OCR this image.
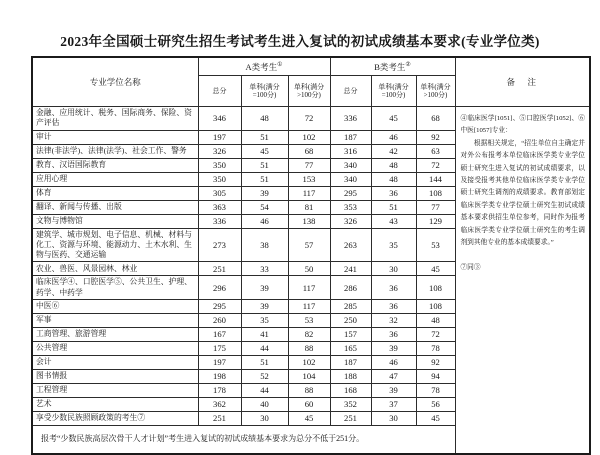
2023年全国硕士研究生招生考试考生进入复试的初试成绩基本要求(专业学位类)
专业学位名称	A类考生①			B类考生②			备　注
	总分	单科(满分=100分)	单科(满分>100分)	总分	单科(满分=100分)	单科(满分>100分)	
金融、应用统计、税务、国际商务、保险、资产评估	346	48	72	336	45	68	④临床医学[1051]、⑤口腔医学[1052]、⑥中医[1057]专业：

根据相关规定，“招生单位自主确定并对外公布报考本单位临床医学类专业学位硕士研究生进入复试的初试成绩要求，以及接受报考其他单位临床医学类专业学位硕士研究生调剂的成绩要求。教育部划定临床医学类专业学位硕士研究生初试成绩基本要求供招生单位参考，同时作为报考临床医学类专业学位硕士研究生的考生调剂到其他专业的基本成绩要求。”

⑦同③

审计	197	51	102	187	46	92	
法律(非法学)、法律(法学)、社会工作、警务	326	45	68	316	42	63	
教育、汉语国际教育	350	51	77	340	48	72	
应用心理	350	51	153	340	48	144	
体育	305	39	117	295	36	108	
翻译、新闻与传播、出版	363	54	81	353	51	77	
文物与博物馆	336	46	138	326	43	129	
建筑学、城市规划、电子信息、机械、材料与化工、资源与环境、能源动力、土木水利、生物与医药、交通运输	273	38	57	263	35	53	
农业、兽医、风景园林、林业	251	33	50	241	30	45	
临床医学④、口腔医学⑤、公共卫生、护理、药学、中药学	296	39	117	286	36	108	
中医⑥	295	39	117	285	36	108	
军事	260	35	53	250	32	48	
工商管理、旅游管理	167	41	82	157	36	72	
公共管理	175	44	88	165	39	78	
会计	197	51	102	187	46	92	
图书情报	198	52	104	188	47	94	
工程管理	178	44	88	168	39	78	
艺术	362	40	60	352	37	56	
享受少数民族照顾政策的考生⑦	251	30	45	251	30	45	
报考“少数民族高层次骨干人才计划”考生进入复试的初试成绩基本要求为总分不低于251分。							
